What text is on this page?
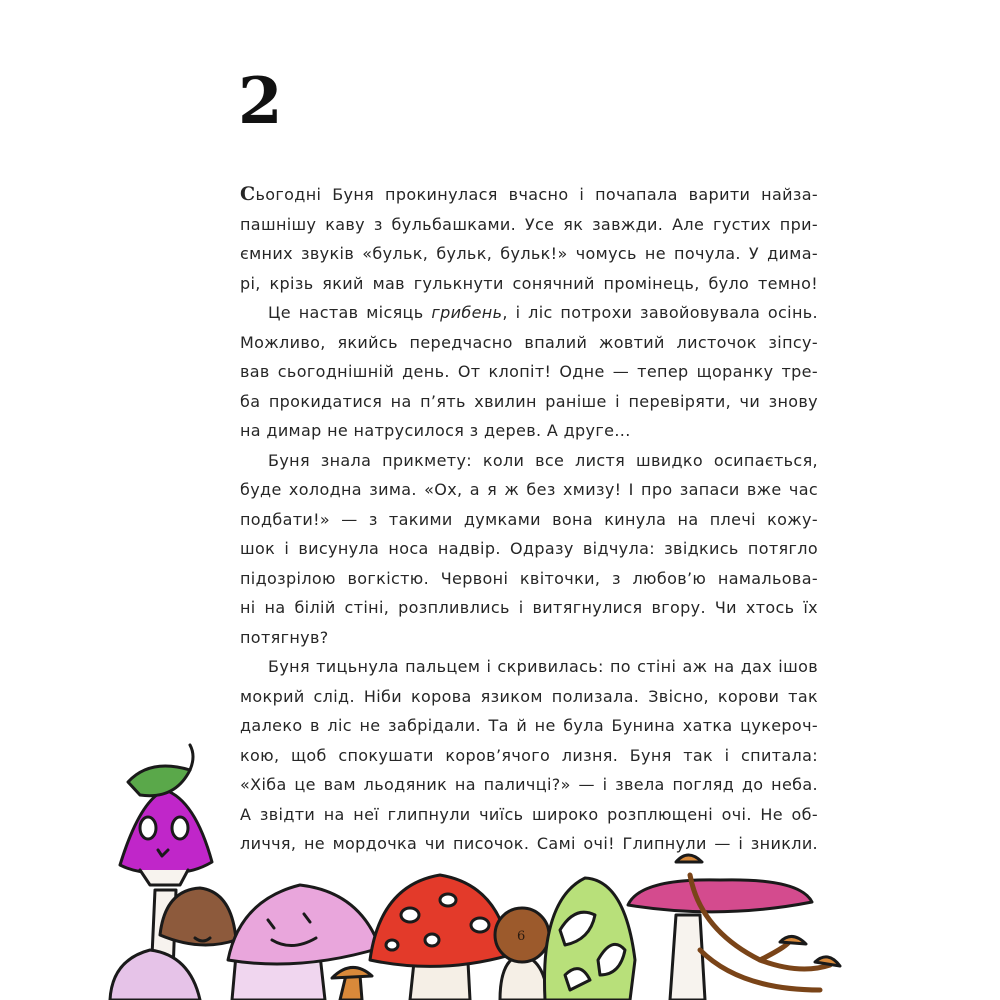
2
Сьогодні Буня прокинулася вчасно і почапала варити найза-
пашнішу каву з бульбашками. Усе як завжди. Але густих при-
ємних звуків «бульк, бульк, бульк!» чомусь не почула. У дима-
рі, крізь який мав гулькнути сонячний промінець, було темно!
Це настав місяць грибень, і ліс потрохи завойовувала осінь.
Можливо, якийсь передчасно впалий жовтий листочок зіпсу-
вав сьогоднішній день. От клопіт! Одне — тепер щоранку тре-
ба прокидатися на п’ять хвилин раніше і перевіряти, чи знову
на димар не натрусилося з дерев. А друге...
Буня знала прикмету: коли все листя швидко осипається,
буде холодна зима. «Ох, а я ж без хмизу! І про запаси вже час
подбати!» — з такими думками вона кинула на плечі кожу-
шок і висунула носа надвір. Одразу відчула: звідкись потягло
підозрілою вогкістю. Червоні квіточки, з любов’ю намальова-
ні на білій стіні, розпливлись і витягнулися вгору. Чи хтось їх
потягнув?
Буня тицьнула пальцем і скривилась: по стіні аж на дах ішов
мокрий слід. Ніби корова язиком полизала. Звісно, корови так
далеко в ліс не забрідали. Та й не була Бунина хатка цукероч-
кою, щоб спокушати коров’ячого лизня. Буня так і спитала:
«Хіба це вам льодяник на паличці?» — і звела погляд до неба.
А звідти на неї глипнули чиїсь широко розплющені очі. Не об-
личчя, не мордочка чи писочок. Самі очі! Глипнули — і зникли.
6
